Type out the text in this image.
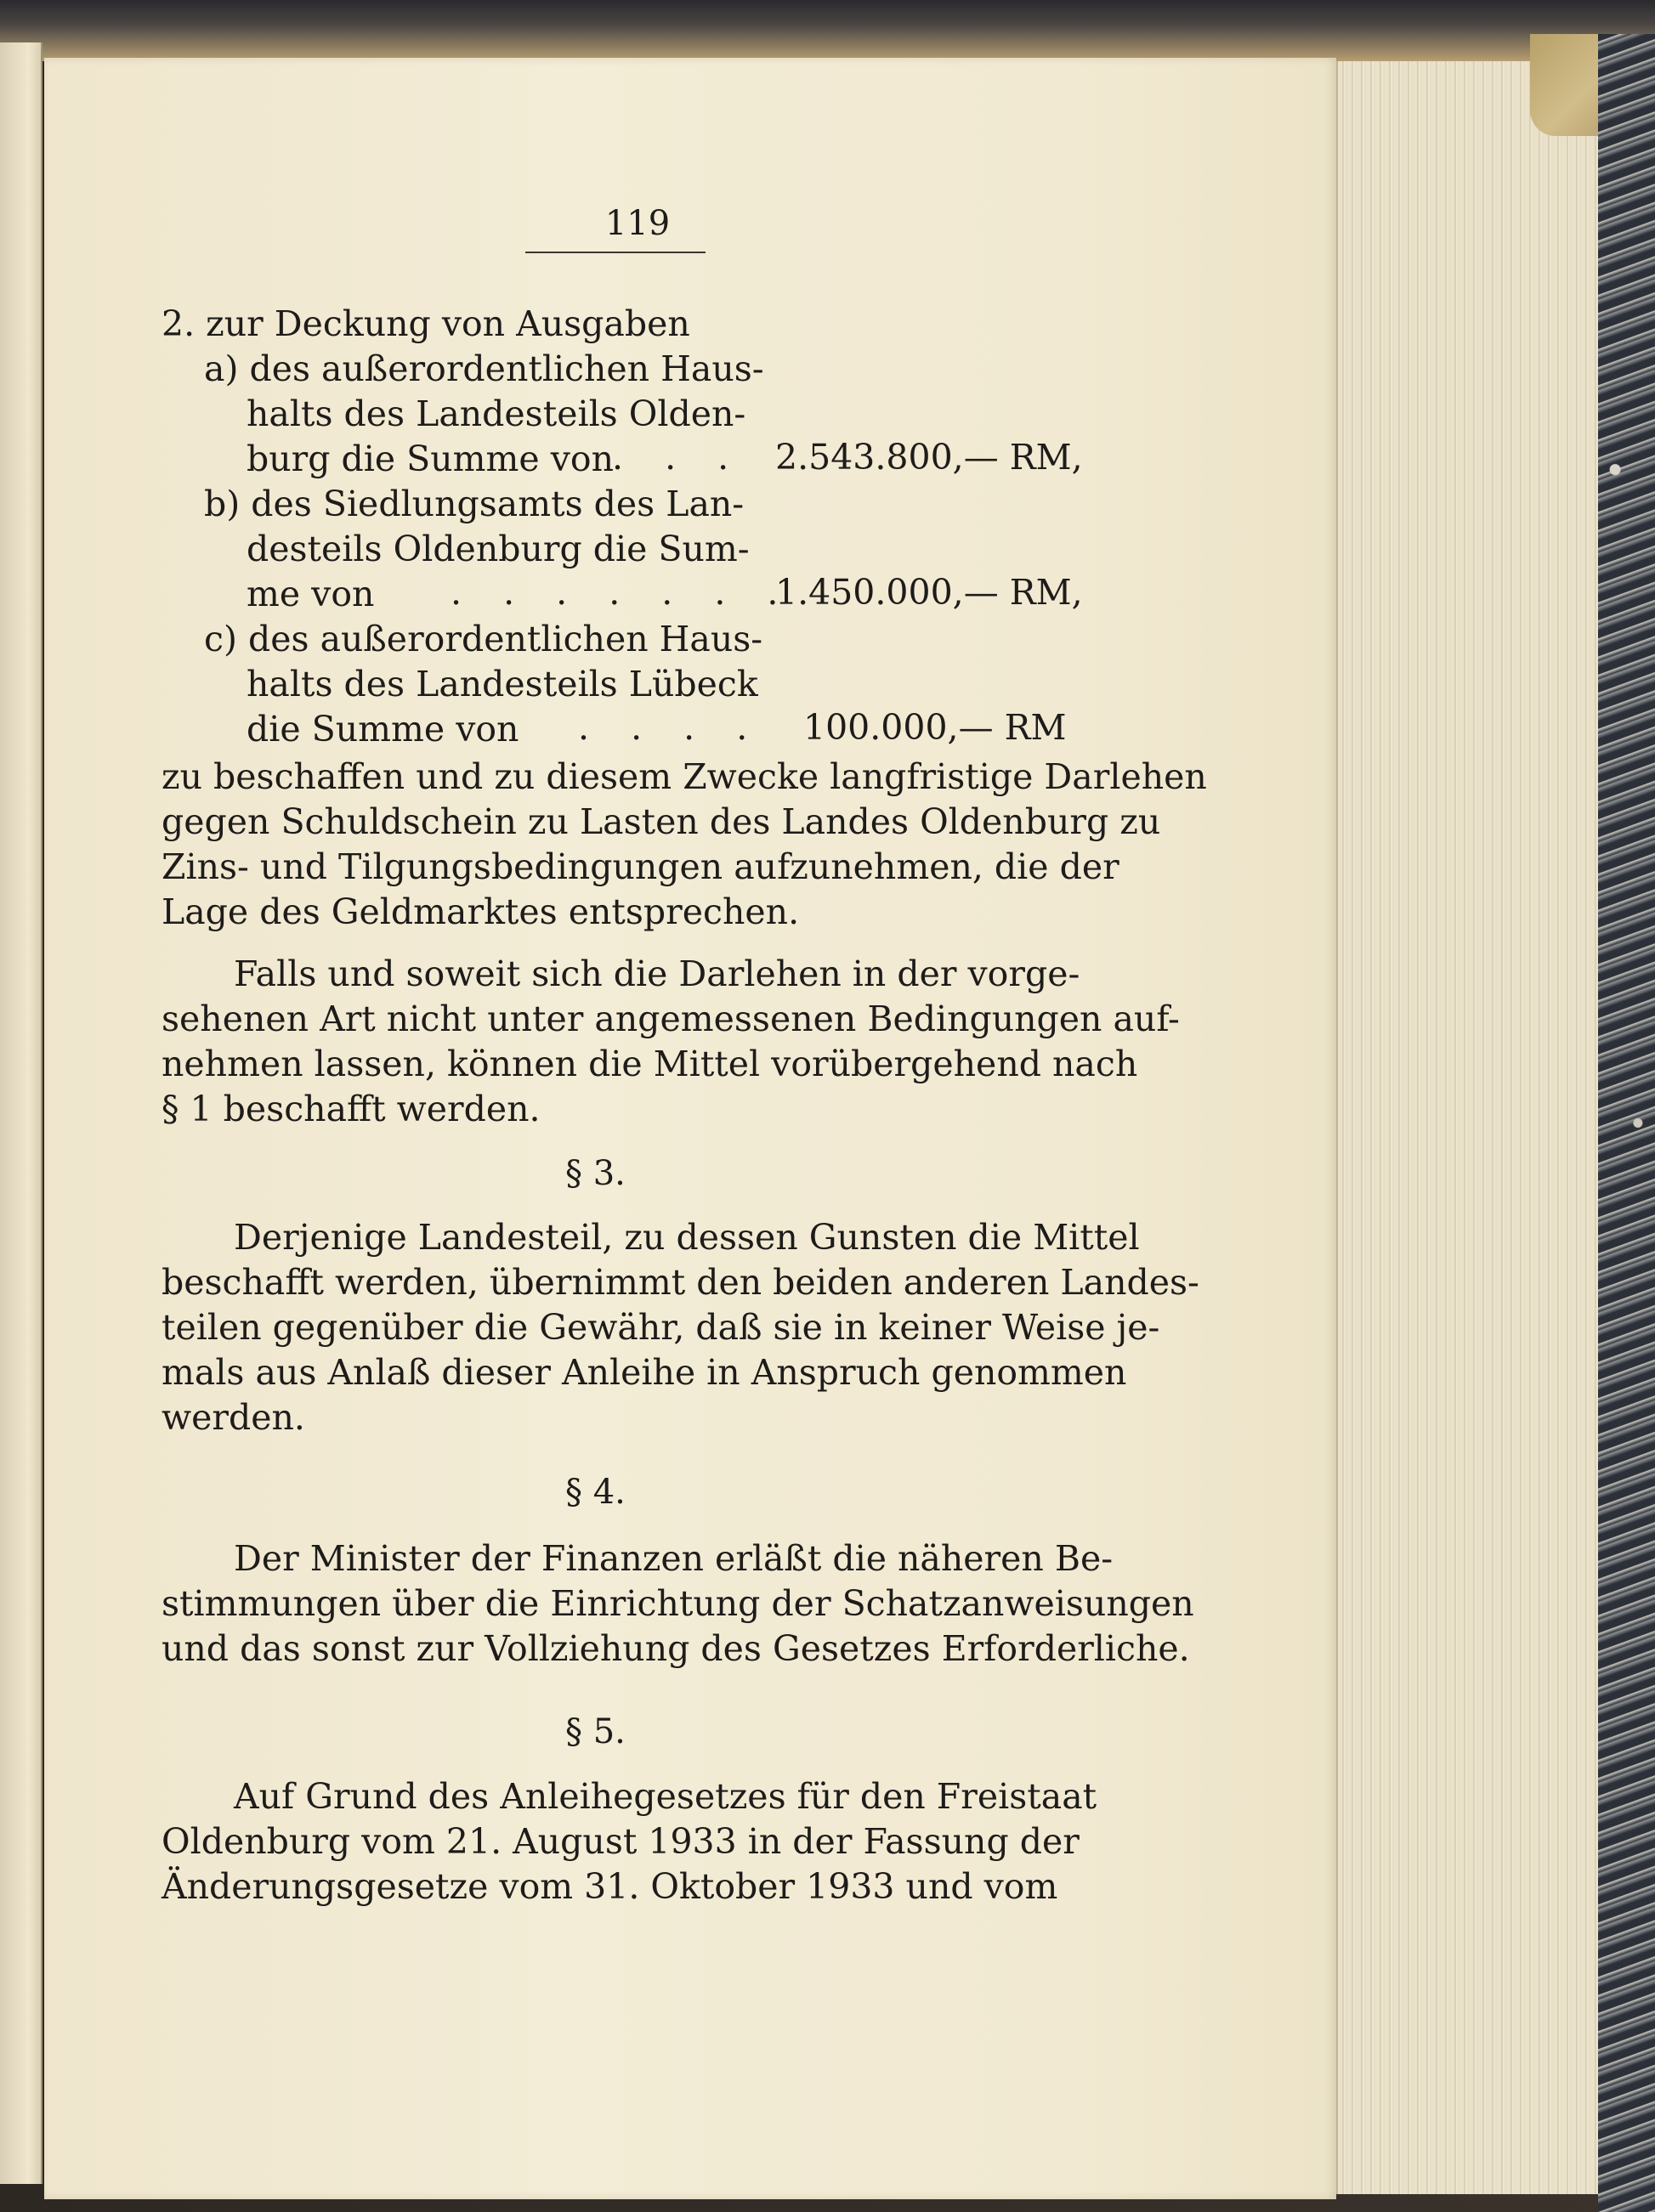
119
2. zur Deckung von Ausgaben
a) des außerordentlichen Haus-
halts des Landesteils Olden-
burg die Summe von
. . . 2.543.800,— RM,
b) des Siedlungsamts des Lan-
desteils Oldenburg die Sum-
me von . . . . . . .
1.450.000,— RM,
c) des außerordentlichen Haus-
halts des Landesteils Lübeck
die Summe von . . . . 100.000,— RM
zu beschaffen und zu diesem Zwecke langfristige Darlehen
gegen Schuldschein zu Lasten des Landes Oldenburg zu
Zins- und Tilgungsbedingungen aufzunehmen, die der
Lage des Geldmarktes entsprechen.
Falls und soweit sich die Darlehen in der vorge-
sehenen Art nicht unter angemessenen Bedingungen auf-
nehmen lassen, können die Mittel vorübergehend nach
§ 1 beschafft werden.
§ 3.
Derjenige Landesteil, zu dessen Gunsten die Mittel
beschafft werden, übernimmt den beiden anderen Landes-
teilen gegenüber die Gewähr, daß sie in keiner Weise je-
mals aus Anlaß dieser Anleihe in Anspruch genommen
werden.
§ 4.
Der Minister der Finanzen erläßt die näheren Be-
stimmungen über die Einrichtung der Schatzanweisungen
und das sonst zur Vollziehung des Gesetzes Erforderliche.
§ 5.
Auf Grund des Anleihegesetzes für den Freistaat
Oldenburg vom 21. August 1933 in der Fassung der
Änderungsgesetze vom 31. Oktober 1933 und vom
